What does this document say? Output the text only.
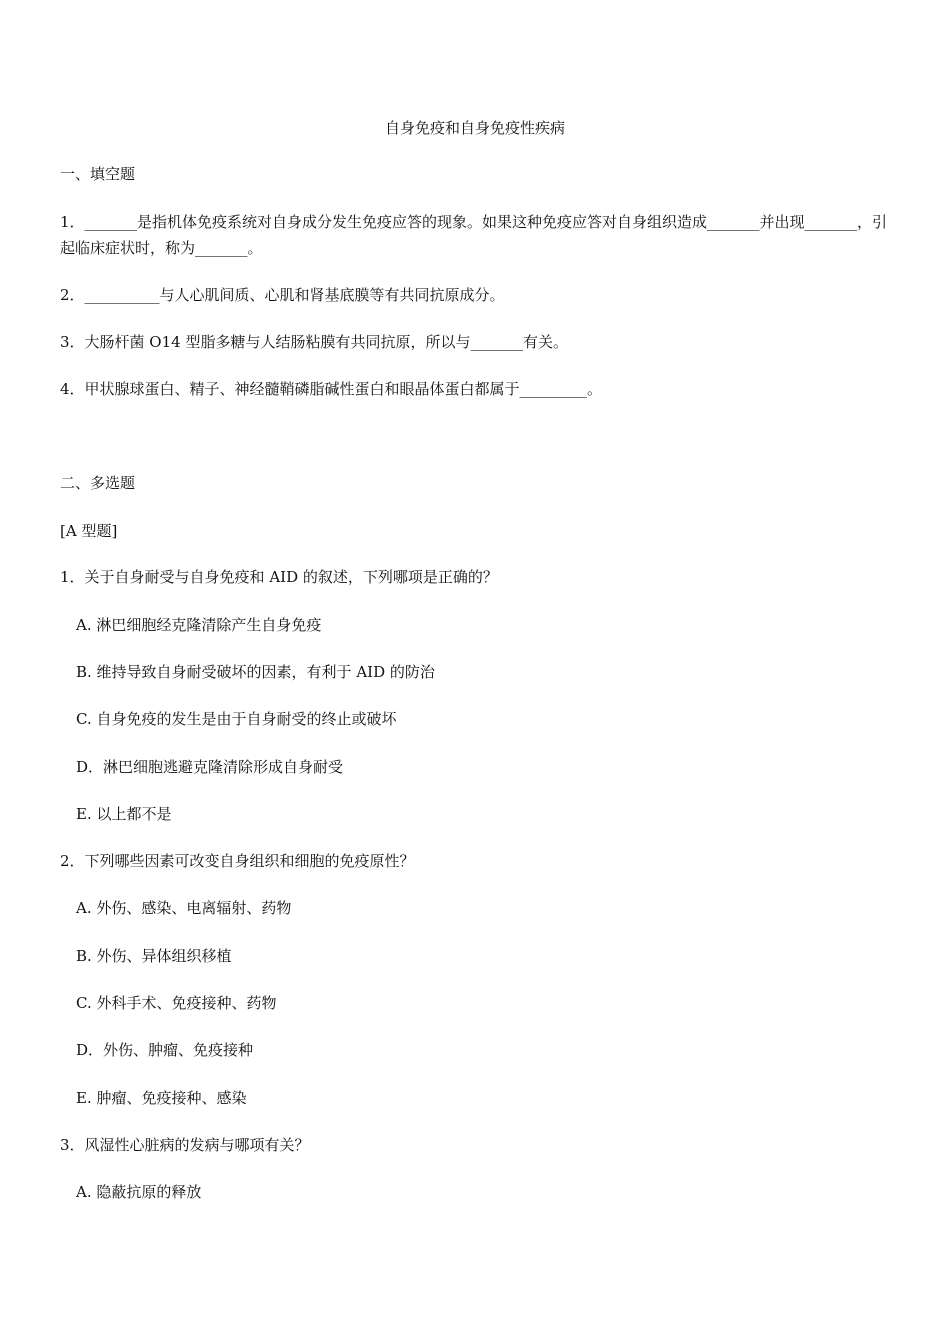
自身免疫和自身免疫性疾病
一、填空题
1．_______是指机体免疫系统对自身成分发生免疫应答的现象。如果这种免疫应答对自身组织造成_______并出现_______，引起临床症状时，称为_______。
2．__________与人心肌间质、心肌和肾基底膜等有共同抗原成分。
3．大肠杆菌 O14 型脂多糖与人结肠粘膜有共同抗原，所以与_______有关。
4．甲状腺球蛋白、精子、神经髓鞘磷脂碱性蛋白和眼晶体蛋白都属于_________。
二、多选题
[A 型题]
1．关于自身耐受与自身免疫和 AID 的叙述，下列哪项是正确的？
A. 淋巴细胞经克隆清除产生自身免疫
B. 维持导致自身耐受破坏的因素，有利于 AID 的防治
C. 自身免疫的发生是由于自身耐受的终止或破坏
D．淋巴细胞逃避克隆清除形成自身耐受
E. 以上都不是
2．下列哪些因素可改变自身组织和细胞的免疫原性？
A. 外伤、感染、电离辐射、药物
B. 外伤、异体组织移植
C. 外科手术、免疫接种、药物
D．外伤、肿瘤、免疫接种
E. 肿瘤、免疫接种、感染
3．风湿性心脏病的发病与哪项有关？
A. 隐蔽抗原的释放
